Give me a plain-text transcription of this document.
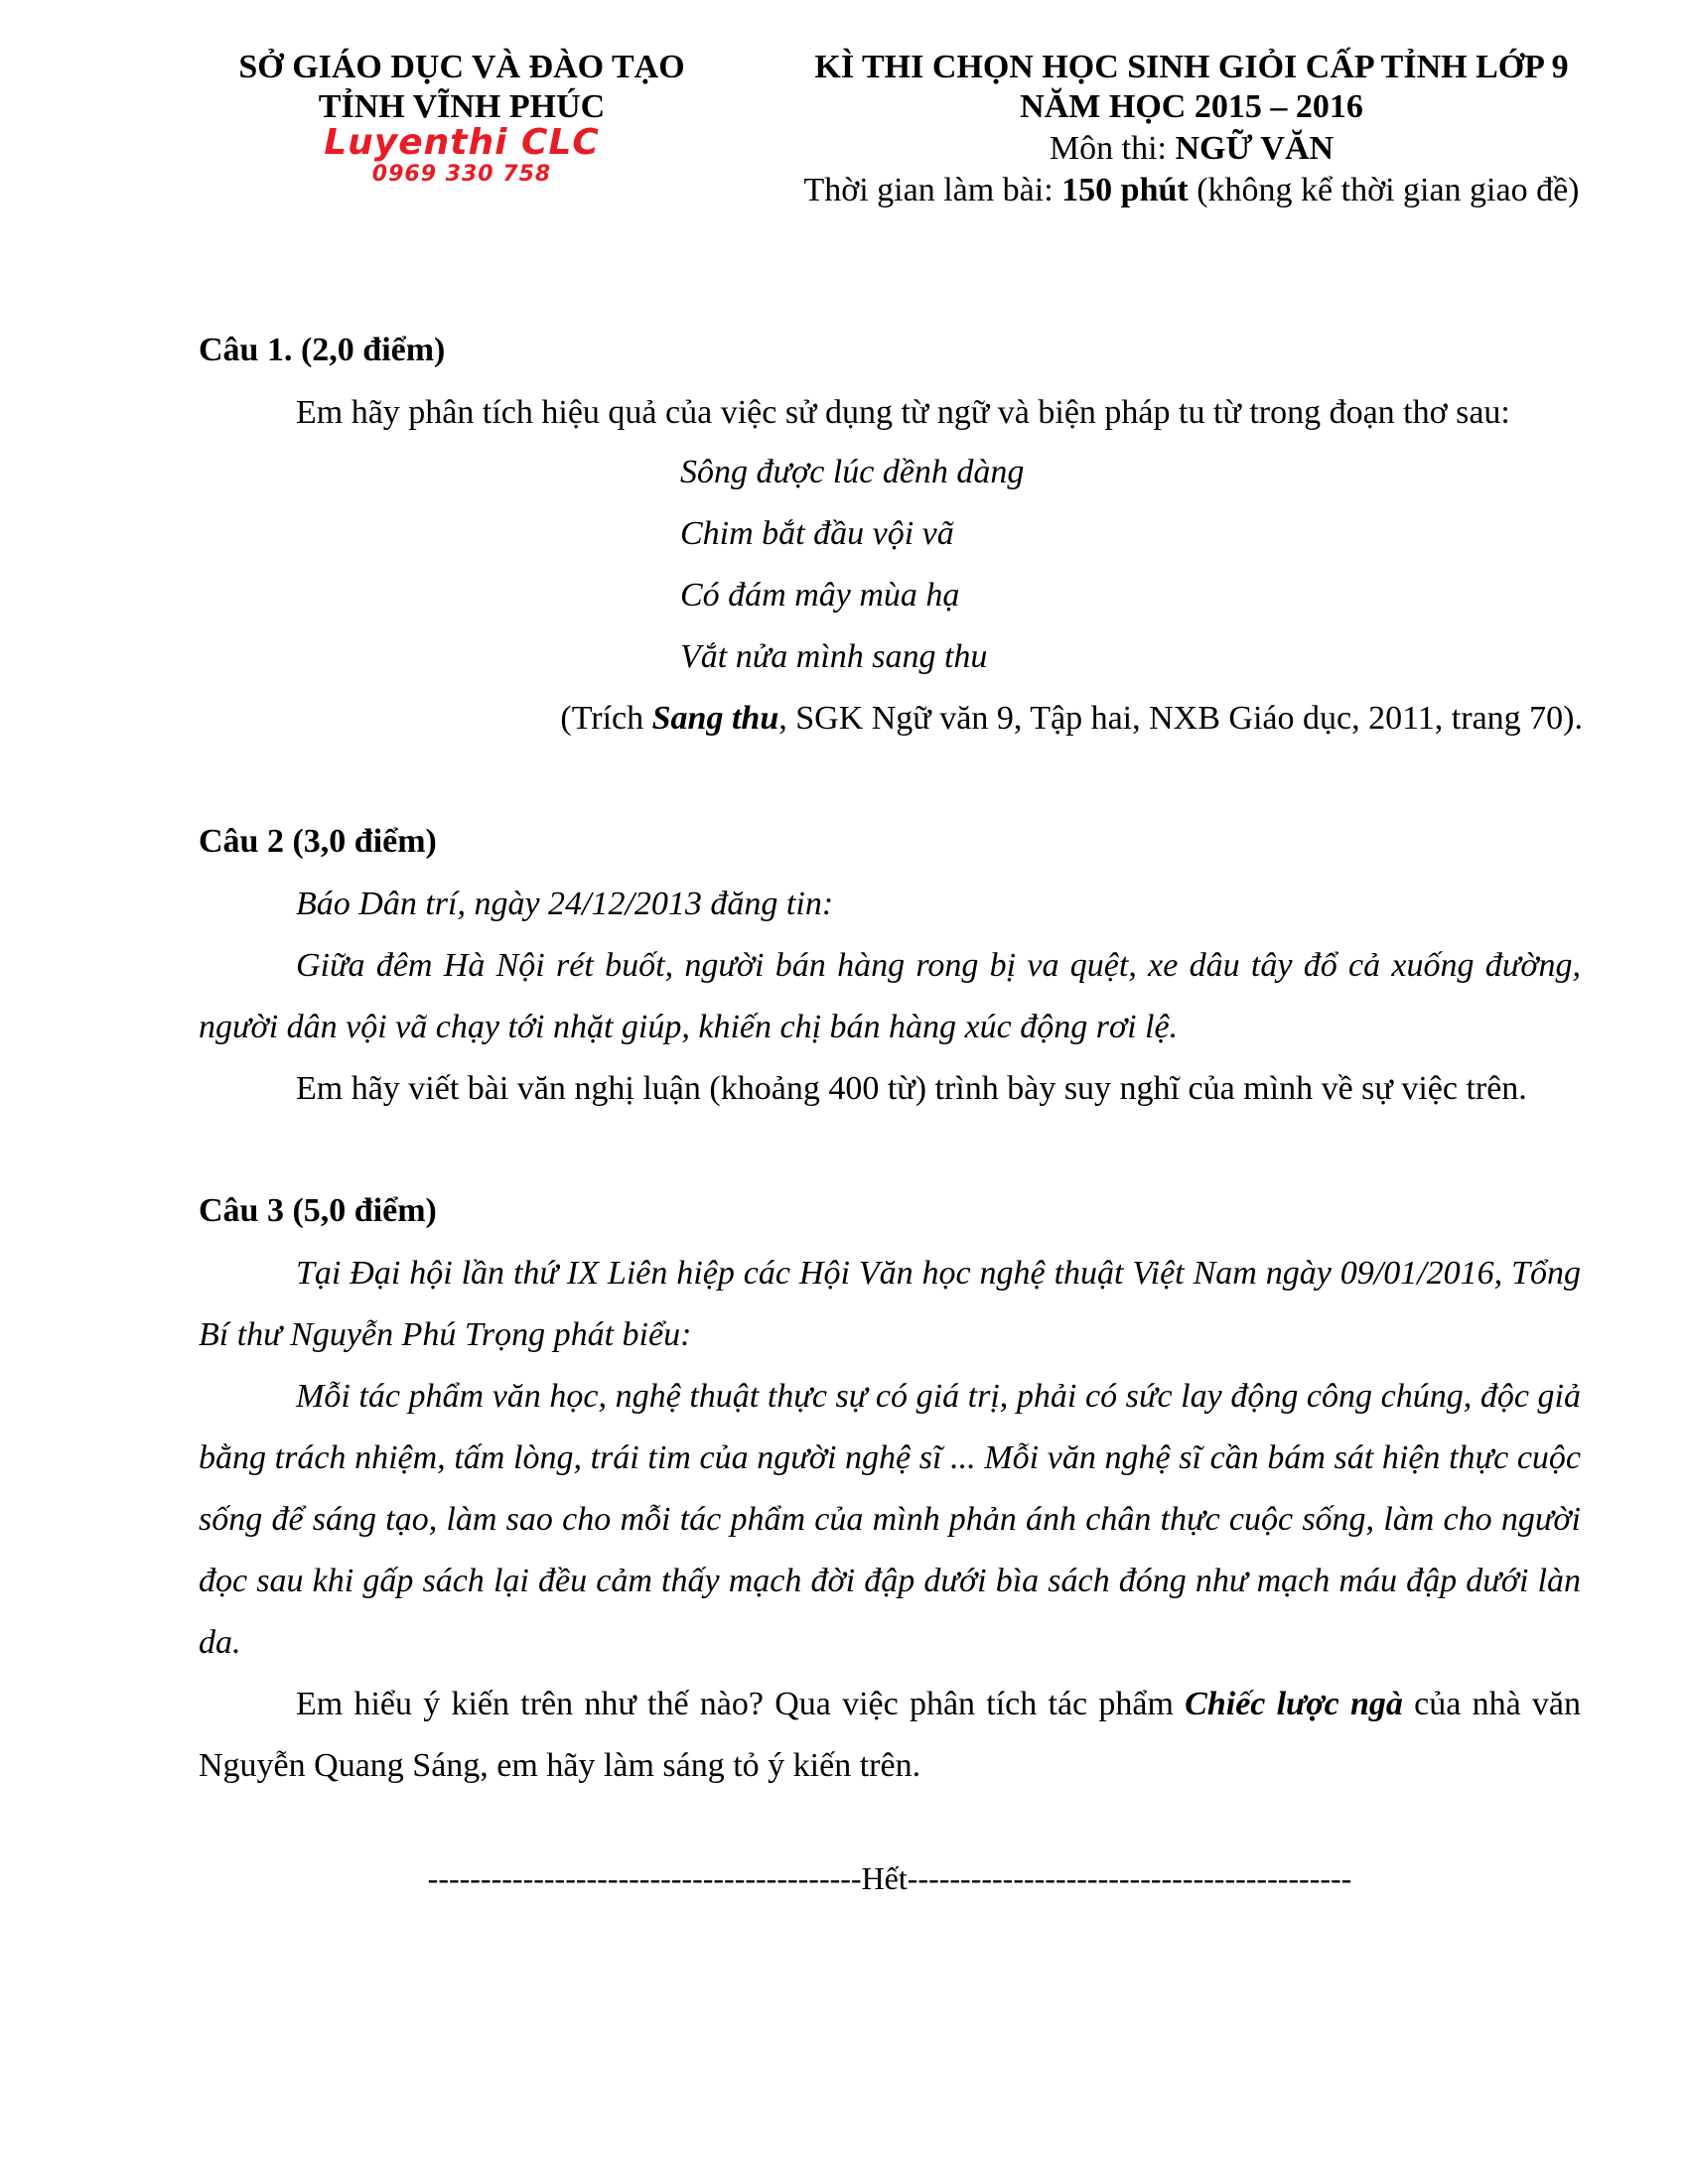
SỞ GIÁO DỤC VÀ ĐÀO TẠO
TỈNH VĨNH PHÚC
Luyenthi CLC
0969 330 758
KÌ THI CHỌN HỌC SINH GIỎI CẤP TỈNH LỚP 9
NĂM HỌC 2015 – 2016
Môn thi: NGỮ VĂN
Thời gian làm bài: 150 phút (không kể thời gian giao đề)
Câu 1. (2,0 điểm)
Em hãy phân tích hiệu quả của việc sử dụng từ ngữ và biện pháp tu từ trong đoạn thơ sau:
Sông được lúc dềnh dàng
Chim bắt đầu vội vã
Có đám mây mùa hạ
Vắt nửa mình sang thu
(Trích Sang thu, SGK Ngữ văn 9, Tập hai, NXB Giáo dục, 2011, trang 70).
Câu 2 (3,0 điểm)
Báo Dân trí, ngày 24/12/2013 đăng tin:
Giữa đêm Hà Nội rét buốt, người bán hàng rong bị va quệt, xe dâu tây đổ cả xuống đường, người dân vội vã chạy tới nhặt giúp, khiến chị bán hàng xúc động rơi lệ.
Em hãy viết bài văn nghị luận (khoảng 400 từ) trình bày suy nghĩ của mình về sự việc trên.
Câu 3 (5,0 điểm)
Tại Đại hội lần thứ IX Liên hiệp các Hội Văn học nghệ thuật Việt Nam ngày 09/01/2016, Tổng Bí thư Nguyễn Phú Trọng phát biểu:
Mỗi tác phẩm văn học, nghệ thuật thực sự có giá trị, phải có sức lay động công chúng, độc giả bằng trách nhiệm, tấm lòng, trái tim của người nghệ sĩ ... Mỗi văn nghệ sĩ cần bám sát hiện thực cuộc sống để sáng tạo, làm sao cho mỗi tác phẩm của mình phản ánh chân thực cuộc sống, làm cho người đọc sau khi gấp sách lại đều cảm thấy mạch đời đập dưới bìa sách đóng như mạch máu đập dưới làn da.
Em hiểu ý kiến trên như thế nào? Qua việc phân tích tác phẩm Chiếc lược ngà của nhà văn Nguyễn Quang Sáng, em hãy làm sáng tỏ ý kiến trên.
-----------------------------------------Hết------------------------------------------
